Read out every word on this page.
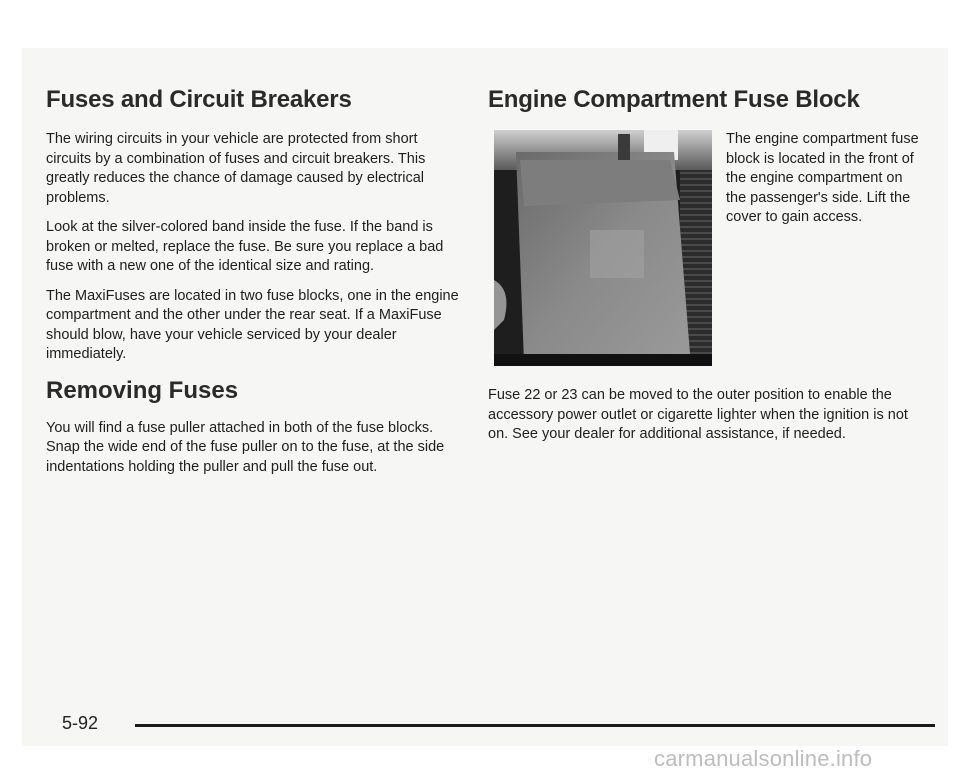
Fuses and Circuit Breakers

The wiring circuits in your vehicle are protected from short circuits by a combination of fuses and circuit breakers. This greatly reduces the chance of damage caused by electrical problems.

Look at the silver-colored band inside the fuse. If the band is broken or melted, replace the fuse. Be sure you replace a bad fuse with a new one of the identical size and rating.

The MaxiFuses are located in two fuse blocks, one in the engine compartment and the other under the rear seat. If a MaxiFuse should blow, have your vehicle serviced by your dealer immediately.

Removing Fuses

You will find a fuse puller attached in both of the fuse blocks. Snap the wide end of the fuse puller on to the fuse, at the side indentations holding the puller and pull the fuse out.

Engine Compartment Fuse Block

The engine compartment fuse block is located in the front of the engine compartment on the passenger's side. Lift the cover to gain access.

Fuse 22 or 23 can be moved to the outer position to enable the accessory power outlet or cigarette lighter when the ignition is not on. See your dealer for additional assistance, if needed.

5-92
carmanualsonline.info
